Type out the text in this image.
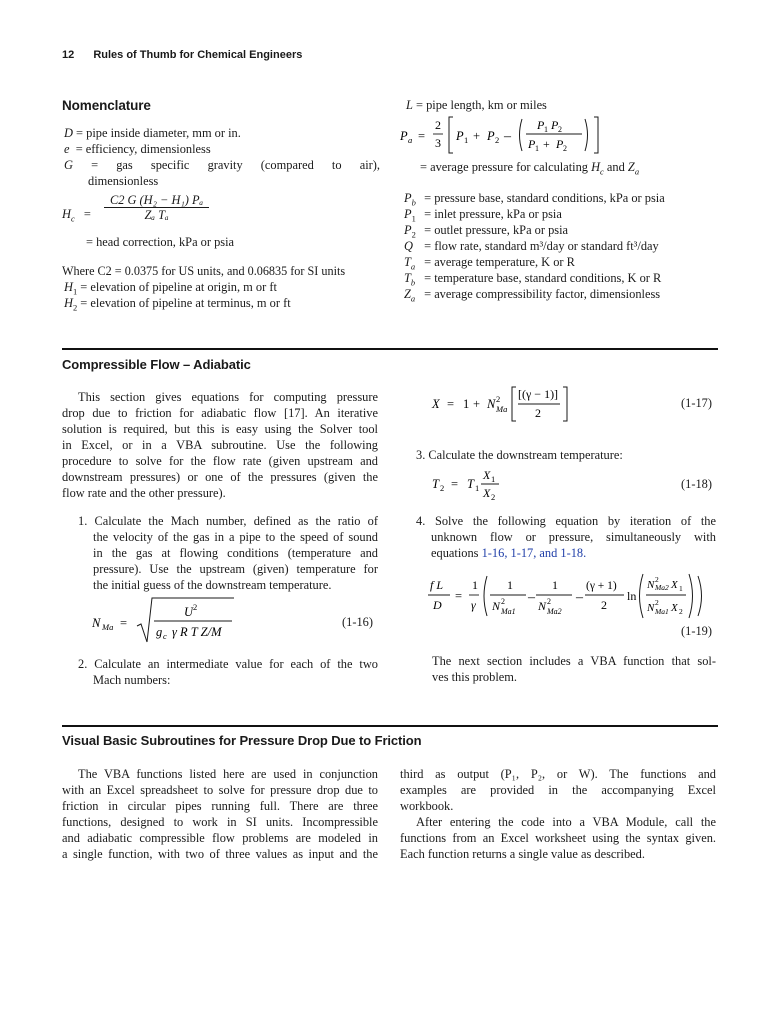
12 Rules of Thumb for Chemical Engineers
Nomenclature
D = pipe inside diameter, mm or in.
e  = efficiency, dimensionless
G = gas specific gravity (compared to air),
dimensionless
$H_c = \frac{\text{C2 G (H₂ − H₁) Pₐ}}{\text{Zₐ Tₐ}}$
= head correction, kPa or psia
Where C2 = 0.0375 for US units, and 0.06835 for SI units
$H_1$ = elevation of pipeline at origin, m or ft
$H_2$ = elevation of pipeline at terminus, m or ft
L = pipe length, km or miles
P a =
2
3 P 1 + P 2 –
P 1 P 2
P 1 + P 2
= average pressure for calculating $H_c$ and $Z_a$
$P_b$ = pressure base, standard conditions, kPa or psia
$P_1$ = inlet pressure, kPa or psia
$P_2$ = outlet pressure, kPa or psia
Q = flow rate, standard m³/day or standard ft³/day
$T_a$ = average temperature, K or R
$T_b$ = temperature base, standard conditions, K or R
$Z_a$ = average compressibility factor, dimensionless
Compressible Flow – Adiabatic
This section gives equations for computing pressure
drop due to friction for adiabatic flow [17]. An iterative
solution is required, but this is easy using the Solver tool
in Excel, or in a VBA subroutine. Use the following
procedure to solve for the flow rate (given upstream and
downstream pressures) or one of the pressures (given the
flow rate and the other pressure).
1. Calculate the Mach number, defined as the ratio of
the velocity of the gas in a pipe to the speed of sound
in the gas at flowing conditions (temperature and
pressure). Use the upstream (given) temperature for
the initial guess of the downstream temperature.
N Ma =
U 2
g c γ R T Z/M
(1-16)
2. Calculate an intermediate value for each of the two
Mach numbers:
X = 1 + N 2
Ma
[(γ − 1)]
2
(1-17)
3. Calculate the downstream temperature:
T 2 = T 1
X 1
X 2
(1-18)
4. Solve the following equation by iteration of the
unknown flow or pressure, simultaneously with
equations 1-16, 1-17, and 1-18.
f L
D
=
1
γ
1
N 2
Ma1
–
1
N 2
Ma2
–
(γ + 1)
2
ln
N 2
Ma2 X 1
N 2
Ma1 X 2
(1-19)
The next section includes a VBA function that sol-
ves this problem.
Visual Basic Subroutines for Pressure Drop Due to Friction
The VBA functions listed here are used in conjunction
with an Excel spreadsheet to solve for pressure drop due to
friction in circular pipes running full. There are three
functions, designed to work in SI units. Incompressible
and adiabatic compressible flow problems are modeled in
a single function, with two of three values as input and the
third as output (P₁, P₂, or W). The functions and
examples are provided in the accompanying Excel
workbook.
After entering the code into a VBA Module, call the
functions from an Excel worksheet using the syntax given.
Each function returns a single value as described.
